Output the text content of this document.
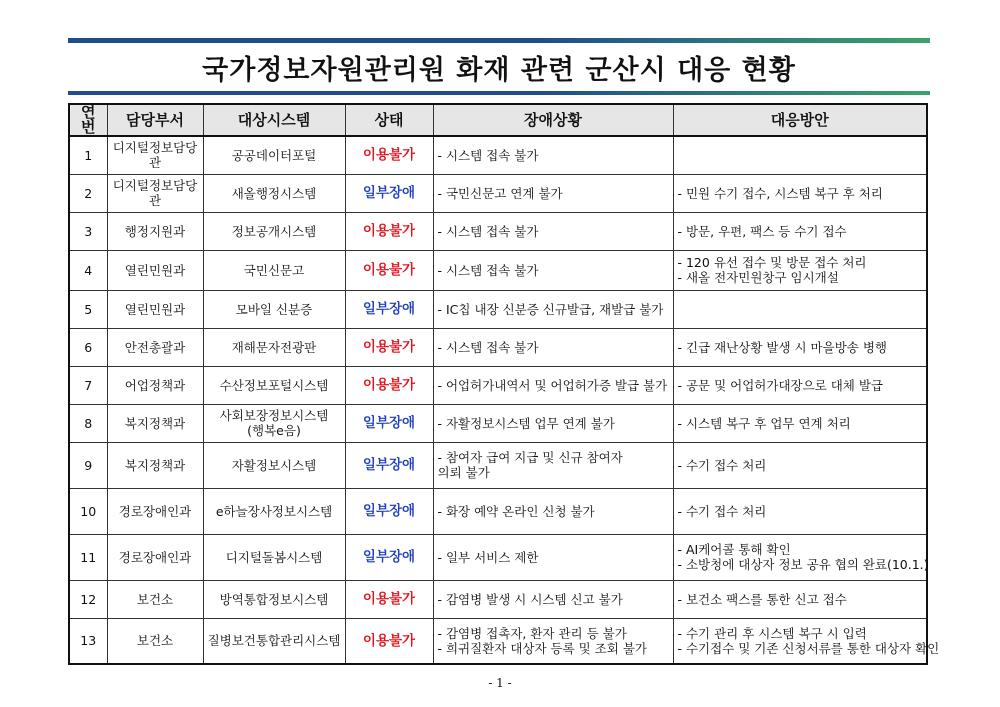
국가정보자원관리원 화재 관련 군산시 대응 현황
연번	담당부서	대상시스템	상태	장애상황	대응방안
1	디지털정보담당관	공공데이터포털	이용불가	- 시스템 접속 불가	

2	디지털정보담당관	새올행정시스템	일부장애	- 국민신문고 연계 불가	- 민원 수기 접수, 시스템 복구 후 처리

3	행정지원과	정보공개시스템	이용불가	- 시스템 접속 불가	- 방문, 우편, 팩스 등 수기 접수

4	열린민원과	국민신문고	이용불가	- 시스템 접속 불가	- 120 유선 접수 및 방문 접수 처리
- 새올 전자민원창구 임시개설

5	열린민원과	모바일 신분증	일부장애	- IC칩 내장 신분증 신규발급, 재발급 불가	

6	안전총괄과	재해문자전광판	이용불가	- 시스템 접속 불가	- 긴급 재난상황 발생 시 마을방송 병행

7	어업정책과	수산정보포털시스템	이용불가	- 어업허가내역서 및 어업허가증 발급 불가	- 공문 및 어업허가대장으로 대체 발급

8	복지정책과	사회보장정보시스템
(행복e음)	일부장애	- 자활정보시스템 업무 연계 불가	- 시스템 복구 후 업무 연계 처리

9	복지정책과	자활정보시스템	일부장애	- 참여자 급여 지급 및 신규 참여자
의뢰 불가	- 수기 접수 처리

10	경로장애인과	e하늘장사정보시스템	일부장애	- 화장 예약 온라인 신청 불가	- 수기 접수 처리

11	경로장애인과	디지털돌봄시스템	일부장애	- 일부 서비스 제한	- AI케어콜 통해 확인
- 소방청에 대상자 정보 공유 협의 완료(10.1.)

12	보건소	방역통합정보시스템	이용불가	- 감염병 발생 시 시스템 신고 불가	- 보건소 팩스를 통한 신고 접수

13	보건소	질병보건통합관리시스템	이용불가	- 감염병 접촉자, 환자 관리 등 불가
- 희귀질환자 대상자 등록 및 조회 불가	- 수기 관리 후 시스템 복구 시 입력
- 수기접수 및 기존 신청서류를 통한 대상자 확인
- 1 -
